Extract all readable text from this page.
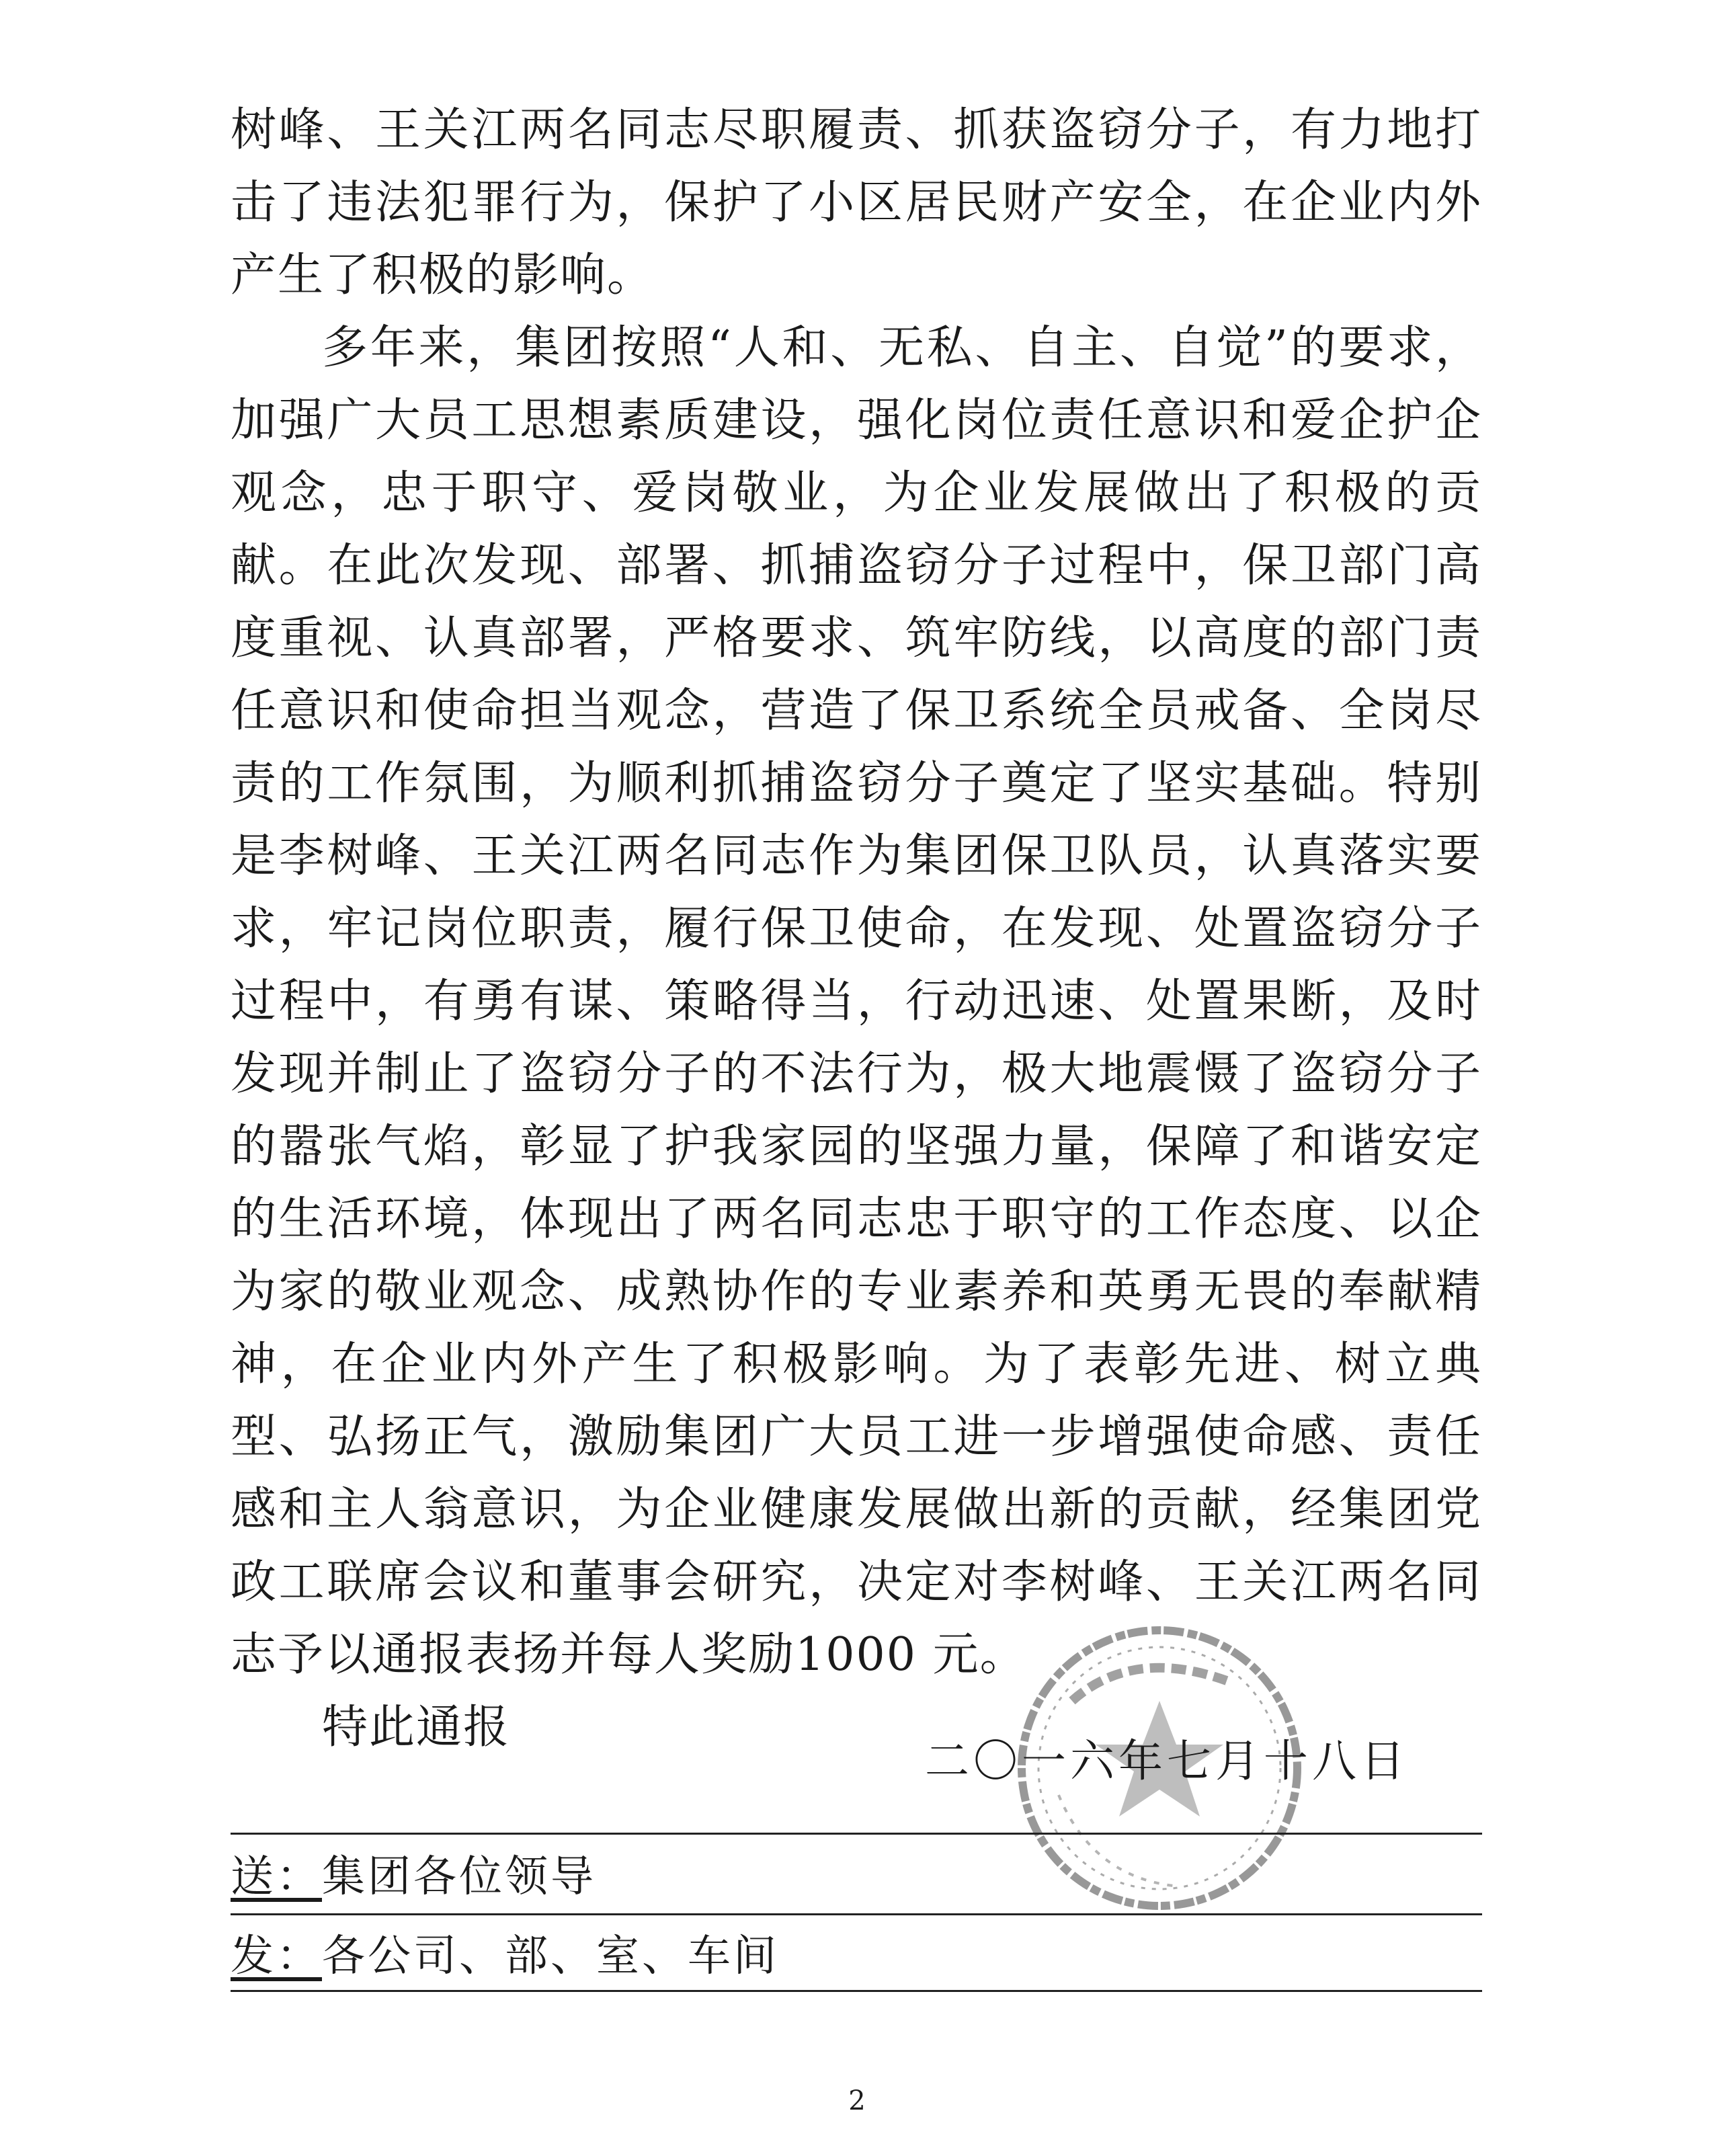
树峰、王关江两名同志尽职履责、抓获盗窃分子，有力地打击了违法犯罪行为，保护了小区居民财产安全，在企业内外产生了积极的影响。

多年来，集团按照“人和、无私、自主、自觉”的要求，加强广大员工思想素质建设，强化岗位责任意识和爱企护企观念，忠于职守、爱岗敬业，为企业发展做出了积极的贡献。在此次发现、部署、抓捕盗窃分子过程中，保卫部门高度重视、认真部署，严格要求、筑牢防线，以高度的部门责任意识和使命担当观念，营造了保卫系统全员戒备、全岗尽责的工作氛围，为顺利抓捕盗窃分子奠定了坚实基础。特别是李树峰、王关江两名同志作为集团保卫队员，认真落实要求，牢记岗位职责，履行保卫使命，在发现、处置盗窃分子过程中，有勇有谋、策略得当，行动迅速、处置果断，及时发现并制止了盗窃分子的不法行为，极大地震慑了盗窃分子的嚣张气焰，彰显了护我家园的坚强力量，保障了和谐安定的生活环境，体现出了两名同志忠于职守的工作态度、以企为家的敬业观念、成熟协作的专业素养和英勇无畏的奉献精神，在企业内外产生了积极影响。为了表彰先进、树立典型、弘扬正气，激励集团广大员工进一步增强使命感、责任感和主人翁意识，为企业健康发展做出新的贡献，经集团党政工联席会议和董事会研究，决定对李树峰、王关江两名同志予以通报表扬并每人奖励1000 元。

特此通报

二〇一六年七月十八日
送：集团各位领导
发：各公司、部、室、车间
2
